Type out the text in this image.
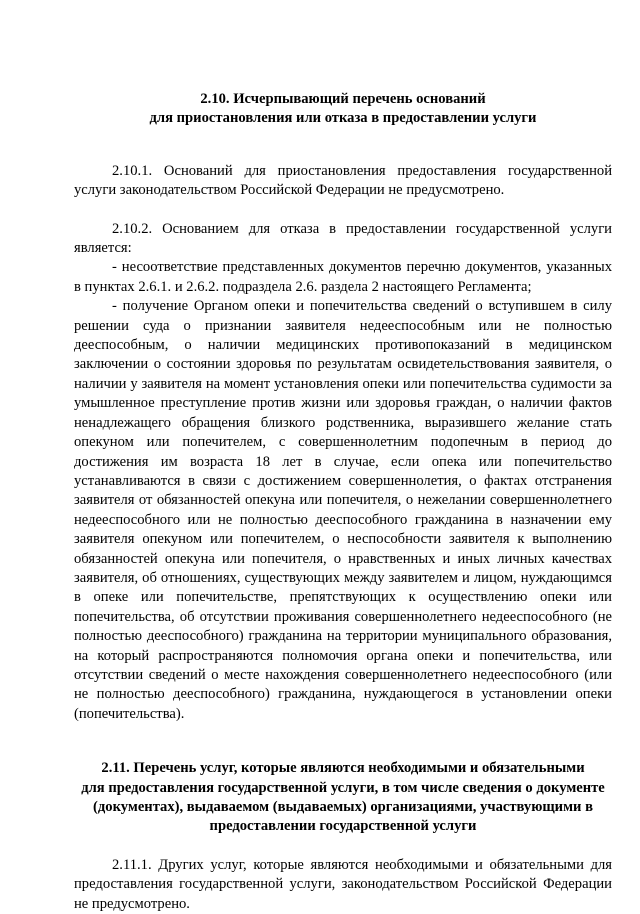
2.10. Исчерпывающий перечень оснований

для приостановления или отказа в предоставлении услуги

2.10.1. Оснований для приостановления предоставления государственной услуги законодательством Российской Федерации не предусмотрено.

2.10.2. Основанием для отказа в предоставлении государственной услуги является:

- несоответствие представленных документов перечню документов, указанных в пунктах 2.6.1. и 2.6.2. подраздела 2.6. раздела 2 настоящего Регламента;

- получение Органом опеки и попечительства сведений о вступившем в силу решении суда о признании заявителя недееспособным или не полностью дееспособным, о наличии медицинских противопоказаний в медицинском заключении о состоянии здоровья по результатам освидетельствования заявителя, о наличии у заявителя на момент установления опеки или попечительства судимости за умышленное преступление против жизни или здоровья граждан, о наличии фактов ненадлежащего обращения близкого родственника, выразившего желание стать опекуном или попечителем, с совершеннолетним подопечным в период до достижения им возраста 18 лет в случае, если опека или попечительство устанавливаются в связи с достижением совершеннолетия, о фактах отстранения заявителя от обязанностей опекуна или попечителя, о нежелании совершеннолетнего недееспособного или не полностью дееспособного гражданина в назначении ему заявителя опекуном или попечителем, о неспособности заявителя к выполнению обязанностей опекуна или попечителя, о нравственных и иных личных качествах заявителя, об отношениях, существующих между заявителем и лицом, нуждающимся в опеке или попечительстве, препятствующих к осуществлению опеки или попечительства, об отсутствии проживания совершеннолетнего недееспособного (не полностью дееспособного) гражданина на территории муниципального образования, на который распространяются полномочия органа опеки и попечительства, или отсутствии сведений о месте нахождения совершеннолетнего недееспособного (или не полностью дееспособного) гражданина, нуждающегося в установлении опеки (попечительства).

2.11. Перечень услуг, которые являются необходимыми и обязательными

для предоставления государственной услуги, в том числе сведения о документе

(документах), выдаваемом (выдаваемых) организациями, участвующими в

предоставлении государственной услуги

2.11.1. Других услуг, которые являются необходимыми и обязательными для предоставления государственной услуги, законодательством Российской Федерации не предусмотрено.
